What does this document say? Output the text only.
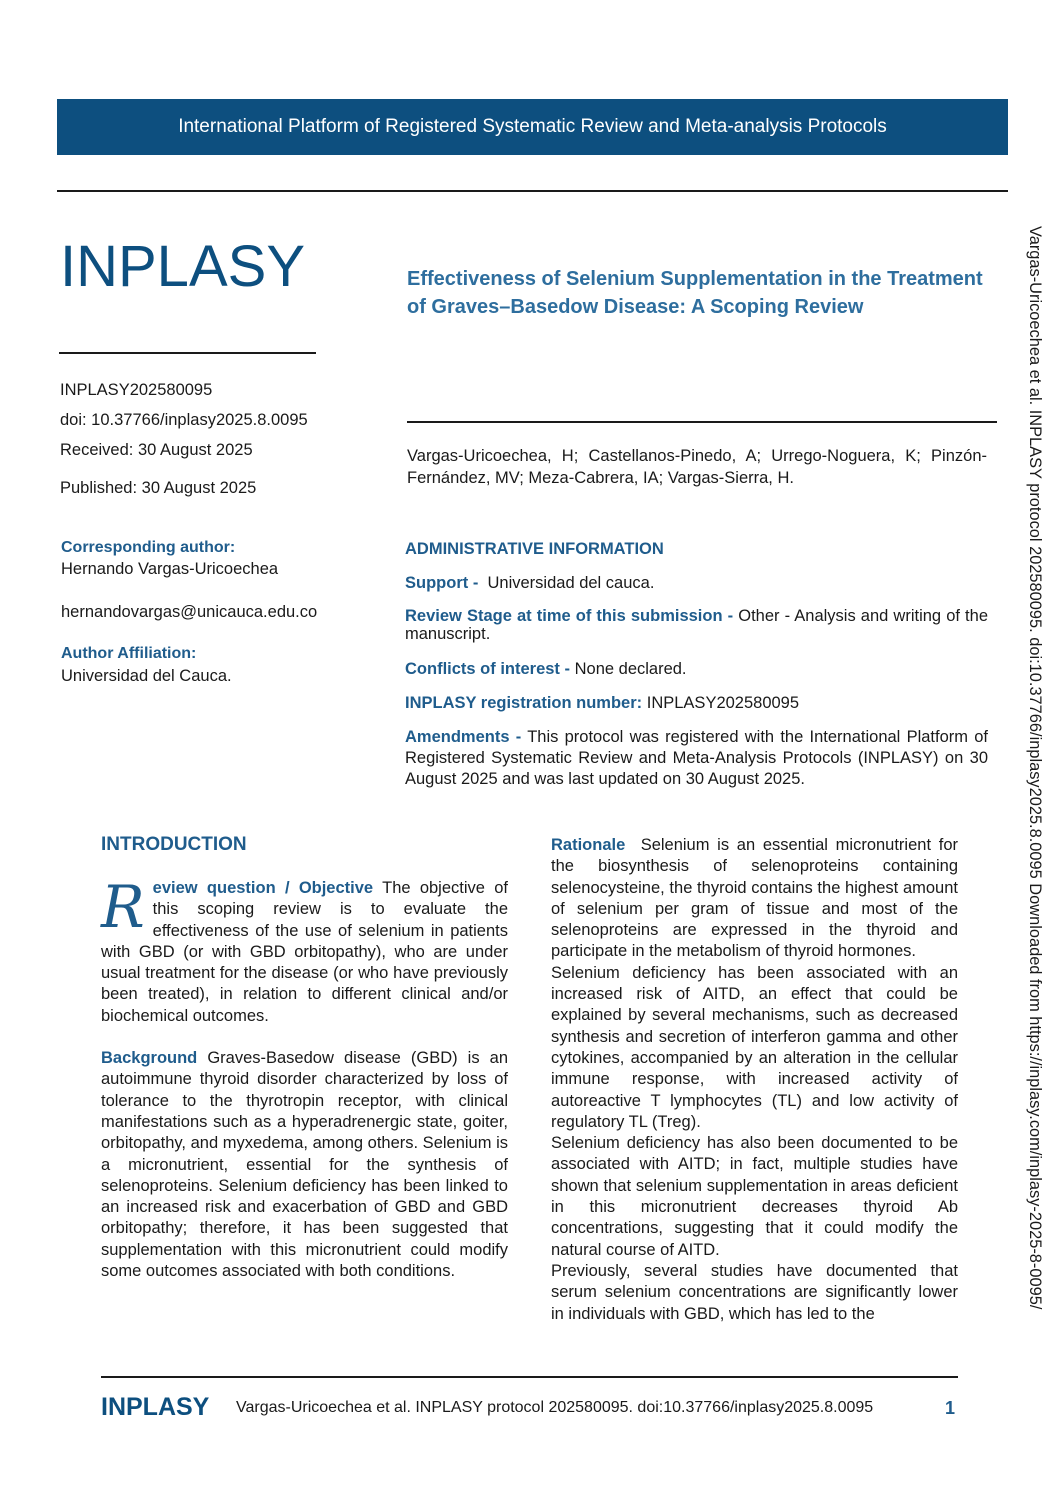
International Platform of Registered Systematic Review and Meta-analysis Protocols
INPLASY	Effectiveness of Selenium Supplementation in the Treatment of Graves–Basedow Disease: A Scoping Review
INPLASY202580095
doi: 10.37766/inplasy2025.8.0095
Received: 30 August 2025
Published: 30 August 2025
Vargas-Uricoechea, H; Castellanos-Pinedo, A; Urrego-Noguera, K; Pinzón-Fernández, MV; Meza-Cabrera, IA; Vargas-Sierra, H.
Corresponding author:
Hernando Vargas-Uricoechea
hernandovargas@unicauca.edu.co
Author Affiliation:
Universidad del Cauca.
ADMINISTRATIVE INFORMATION
Support - Universidad del cauca.
Review Stage at time of this submission - Other - Analysis and writing of the manuscript.
Conflicts of interest - None declared.
INPLASY registration number: INPLASY202580095
Amendments - This protocol was registered with the International Platform of Registered Systematic Review and Meta-Analysis Protocols (INPLASY) on 30 August 2025 and was last updated on 30 August 2025.
INTRODUCTION

Review question / Objective The objective of this scoping review is to evaluate the effectiveness of the use of selenium in patients with GBD (or with GBD orbitopathy), who are under usual treatment for the disease (or who have previously been treated), in relation to different clinical and/or biochemical outcomes.

Background Graves-Basedow disease (GBD) is an autoimmune thyroid disorder characterized by loss of tolerance to the thyrotropin receptor, with clinical manifestations such as a hyperadrenergic state, goiter, orbitopathy, and myxedema, among others. Selenium is a micronutrient, essential for the synthesis of selenoproteins. Selenium deficiency has been linked to an increased risk and exacerbation of GBD and GBD orbitopathy; therefore, it has been suggested that supplementation with this micronutrient could modify some outcomes associated with both conditions.

Rationale Selenium is an essential micronutrient for the biosynthesis of selenoproteins containing selenocysteine, the thyroid contains the highest amount of selenium per gram of tissue and most of the selenoproteins are expressed in the thyroid and participate in the metabolism of thyroid hormones.

Selenium deficiency has been associated with an increased risk of AITD, an effect that could be explained by several mechanisms, such as decreased synthesis and secretion of interferon gamma and other cytokines, accompanied by an alteration in the cellular immune response, with increased activity of autoreactive T lymphocytes (TL) and low activity of regulatory TL (Treg).

Selenium deficiency has also been documented to be associated with AITD; in fact, multiple studies have shown that selenium supplementation in areas deficient in this micronutrient decreases thyroid Ab concentrations, suggesting that it could modify the natural course of AITD.

Previously, several studies have documented that serum selenium concentrations are significantly lower in individuals with GBD, which has led to the

INPLASY Vargas-Uricoechea et al. INPLASY protocol 202580095. doi:10.37766/inplasy2025.8.0095	1
Vargas-Uricoechea et al. INPLASY protocol 202580095. doi:10.37766/inplasy2025.8.0095 Downloaded from https://inplasy.com/inplasy-2025-8-0095/
